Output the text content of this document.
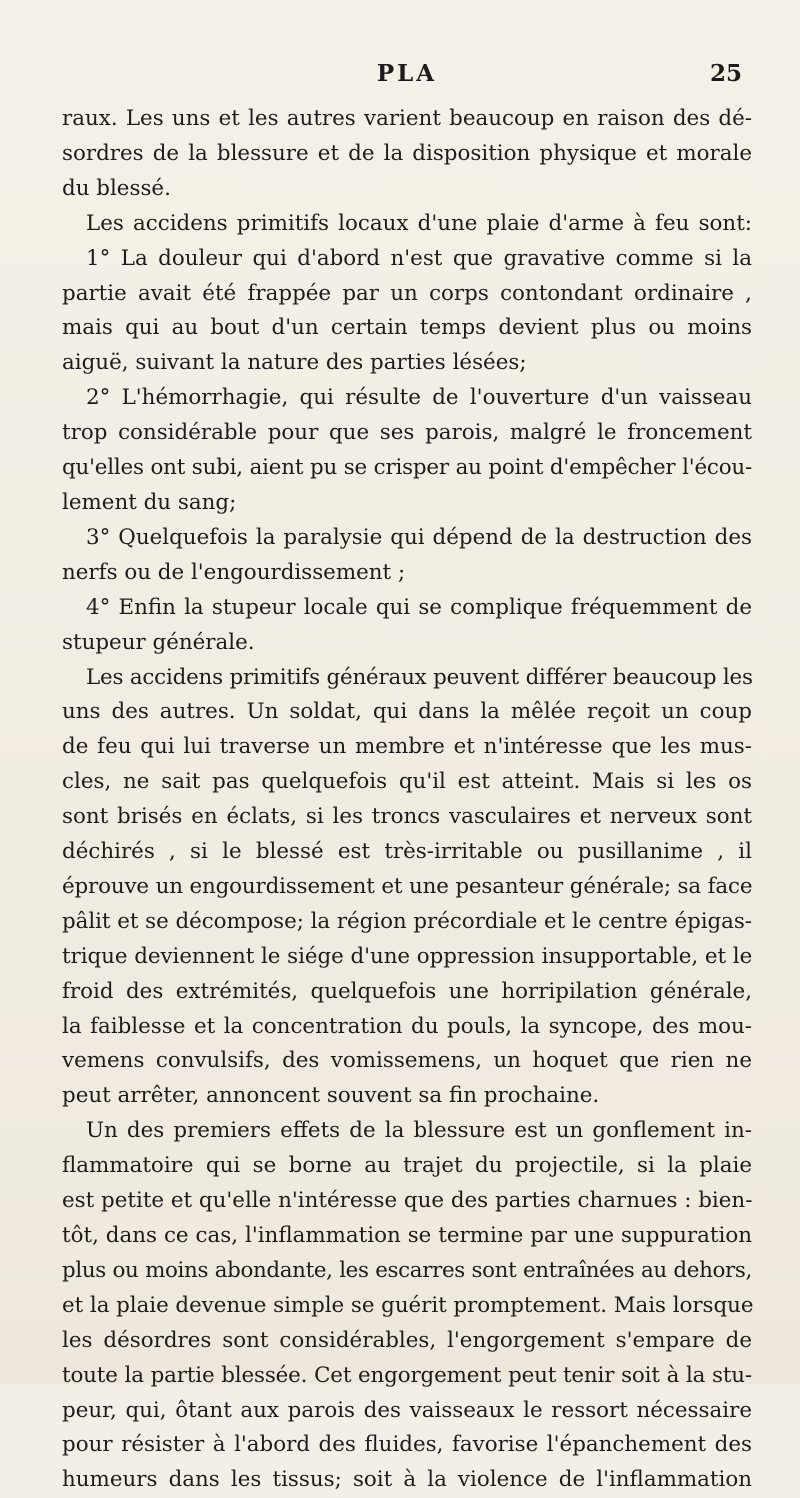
PLA	25
raux. Les uns et les autres varient beaucoup en raison des dé-
sordres de la blessure et de la disposition physique et morale
du blessé.
Les accidens primitifs locaux d'une plaie d'arme à feu sont:
1° La douleur qui d'abord n'est que gravative comme si la
partie avait été frappée par un corps contondant ordinaire ,
mais qui au bout d'un certain temps devient plus ou moins
aiguë, suivant la nature des parties lésées;
2° L'hémorrhagie, qui résulte de l'ouverture d'un vaisseau
trop considérable pour que ses parois, malgré le froncement
qu'elles ont subi, aient pu se crisper au point d'empêcher l'écou-
lement du sang;
3° Quelquefois la paralysie qui dépend de la destruction des
nerfs ou de l'engourdissement ;
4° Enfin la stupeur locale qui se complique fréquemment de
stupeur générale.
Les accidens primitifs généraux peuvent différer beaucoup les
uns des autres. Un soldat, qui dans la mêlée reçoit un coup
de feu qui lui traverse un membre et n'intéresse que les mus-
cles, ne sait pas quelquefois qu'il est atteint. Mais si les os
sont brisés en éclats, si les troncs vasculaires et nerveux sont
déchirés , si le blessé est très-irritable ou pusillanime , il
éprouve un engourdissement et une pesanteur générale; sa face
pâlit et se décompose; la région précordiale et le centre épigas-
trique deviennent le siége d'une oppression insupportable, et le
froid des extrémités, quelquefois une horripilation générale,
la faiblesse et la concentration du pouls, la syncope, des mou-
vemens convulsifs, des vomissemens, un hoquet que rien ne
peut arrêter, annoncent souvent sa fin prochaine.
Un des premiers effets de la blessure est un gonflement in-
flammatoire qui se borne au trajet du projectile, si la plaie
est petite et qu'elle n'intéresse que des parties charnues : bien-
tôt, dans ce cas, l'inflammation se termine par une suppuration
plus ou moins abondante, les escarres sont entraînées au dehors,
et la plaie devenue simple se guérit promptement. Mais lorsque
les désordres sont considérables, l'engorgement s'empare de
toute la partie blessée. Cet engorgement peut tenir soit à la stu-
peur, qui, ôtant aux parois des vaisseaux le ressort nécessaire
pour résister à l'abord des fluides, favorise l'épanchement des
humeurs dans les tissus; soit à la violence de l'inflammation
